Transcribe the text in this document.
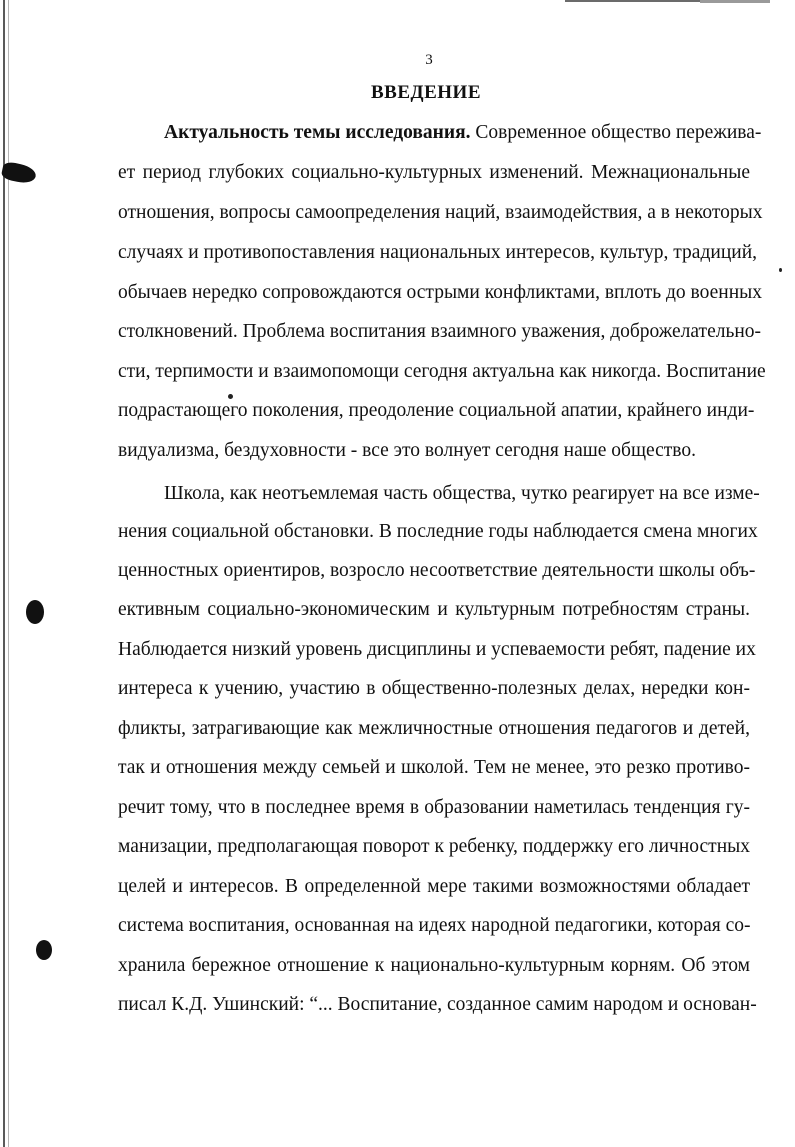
3
ВВЕДЕНИЕ
Актуальность темы исследования. Современное общество пережива-
ет период глубоких социально-культурных изменений. Межнациональные
отношения, вопросы самоопределения наций, взаимодействия, а в некоторых
случаях и противопоставления национальных интересов, культур, традиций,
обычаев нередко сопровождаются острыми конфликтами, вплоть до военных
столкновений. Проблема воспитания взаимного уважения, доброжелательно-
сти, терпимости и взаимопомощи сегодня актуальна как никогда. Воспитание
подрастающего поколения, преодоление социальной апатии, крайнего инди-
видуализма, бездуховности - все это волнует сегодня наше общество.
Школа, как неотъемлемая часть общества, чутко реагирует на все изме-
нения социальной обстановки. В последние годы наблюдается смена многих
ценностных ориентиров, возросло несоответствие деятельности школы объ-
ективным социально-экономическим и культурным потребностям страны.
Наблюдается низкий уровень дисциплины и успеваемости ребят, падение их
интереса к учению, участию в общественно-полезных делах, нередки кон-
фликты, затрагивающие как межличностные отношения педагогов и детей,
так и отношения между семьей и школой. Тем не менее, это резко противо-
речит тому, что в последнее время в образовании наметилась тенденция гу-
манизации, предполагающая поворот к ребенку, поддержку его личностных
целей и интересов. В определенной мере такими возможностями обладает
система воспитания, основанная на идеях народной педагогики, которая со-
хранила бережное отношение к национально-культурным корням. Об этом
писал К.Д. Ушинский: “... Воспитание, созданное самим народом и основан-
